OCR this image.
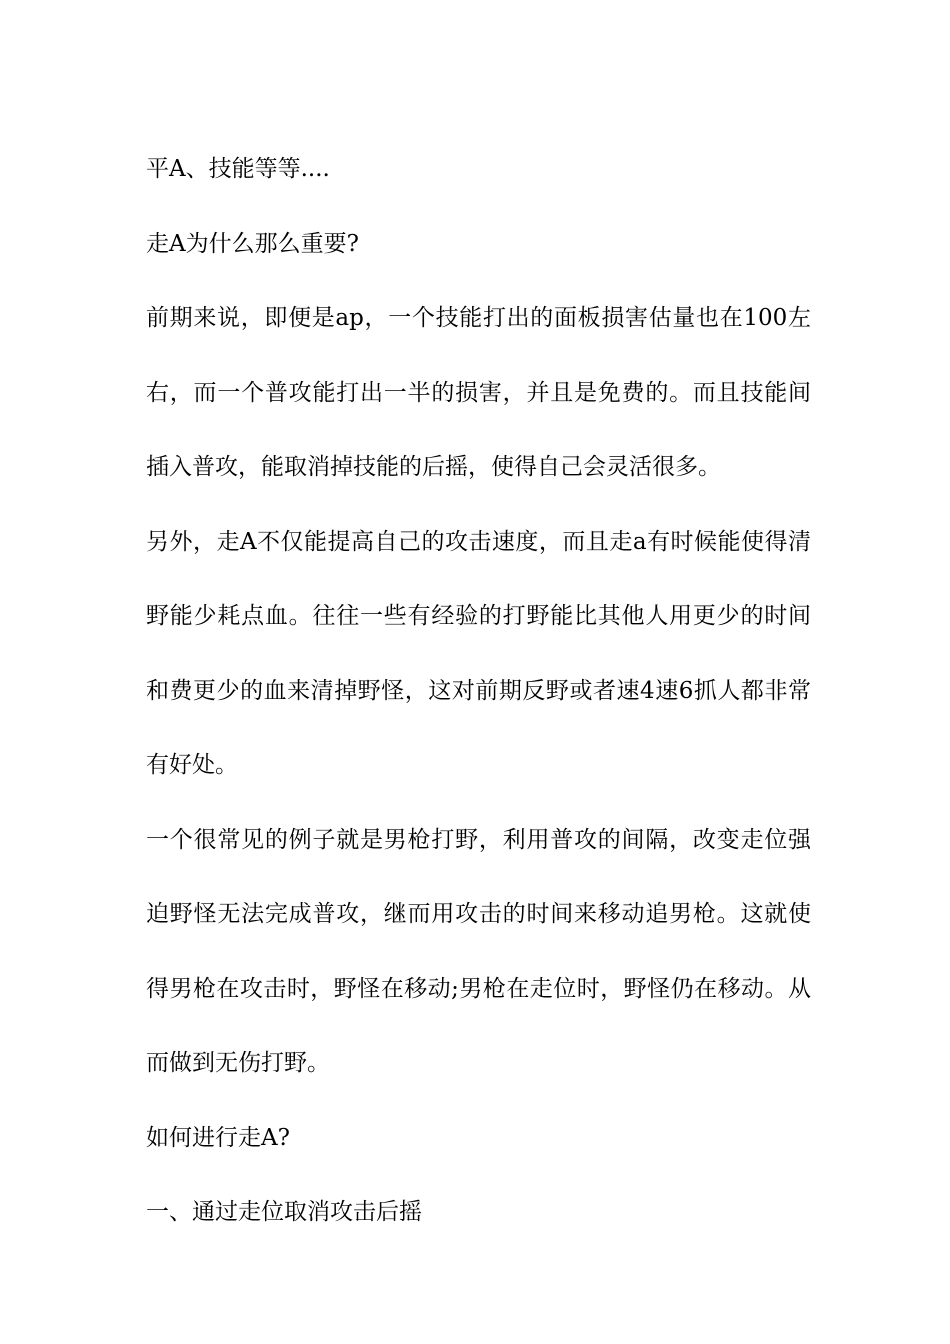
平A、技能等等....

走A为什么那么重要?

前期来说，即便是ap，一个技能打出的面板损害估量也在100左右，而一个普攻能打出一半的损害，并且是免费的。而且技能间插入普攻，能取消掉技能的后摇，使得自己会灵活很多。

另外，走A不仅能提高自己的攻击速度，而且走a有时候能使得清野能少耗点血。往往一些有经验的打野能比其他人用更少的时间和费更少的血来清掉野怪，这对前期反野或者速4速6抓人都非常有好处。

一个很常见的例子就是男枪打野，利用普攻的间隔，改变走位强迫野怪无法完成普攻，继而用攻击的时间来移动追男枪。这就使得男枪在攻击时，野怪在移动;男枪在走位时，野怪仍在移动。从而做到无伤打野。

如何进行走A?

一、通过走位取消攻击后摇
